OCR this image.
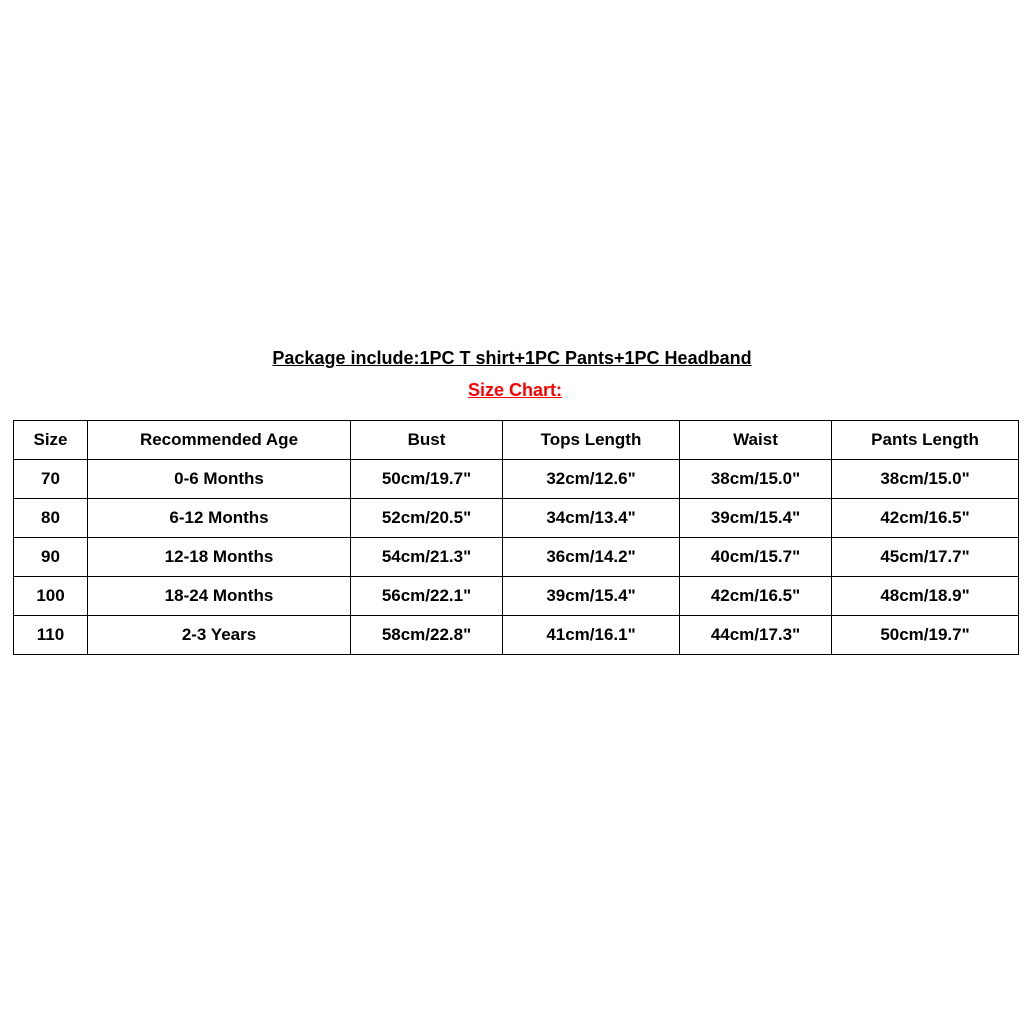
Package include:1PC T shirt+1PC Pants+1PC Headband
Size Chart:
Size	Recommended Age	Bust	Tops Length	Waist	Pants Length
70	0-6 Months	50cm/19.7"	32cm/12.6"	38cm/15.0"	38cm/15.0"
80	6-12 Months	52cm/20.5"	34cm/13.4"	39cm/15.4"	42cm/16.5"
90	12-18 Months	54cm/21.3"	36cm/14.2"	40cm/15.7"	45cm/17.7"
100	18-24 Months	56cm/22.1"	39cm/15.4"	42cm/16.5"	48cm/18.9"
110	2-3 Years	58cm/22.8"	41cm/16.1"	44cm/17.3"	50cm/19.7"
